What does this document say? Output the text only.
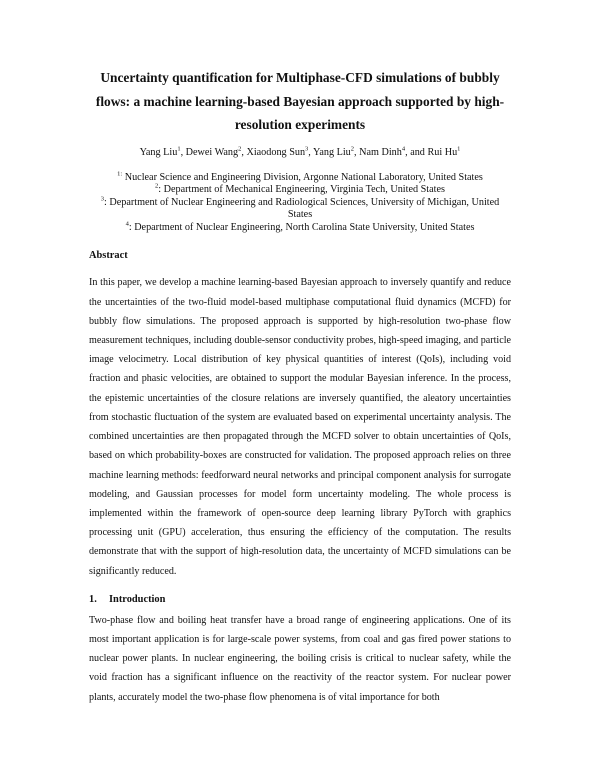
Uncertainty quantification for Multiphase-CFD simulations of bubbly flows: a machine learning-based Bayesian approach supported by high-resolution experiments
Yang Liu$^1$, Dewei Wang$^2$, Xiaodong Sun$^3$, Yang Liu$^2$, Nam Dinh$^4$, and Rui Hu$^1$
$^{1:}$ Nuclear Science and Engineering Division, Argonne National Laboratory, United States
$^2$: Department of Mechanical Engineering, Virginia Tech, United States
$^3$: Department of Nuclear Engineering and Radiological Sciences, University of Michigan, United States
$^4$: Department of Nuclear Engineering, North Carolina State University, United States
Abstract

In this paper, we develop a machine learning-based Bayesian approach to inversely quantify and reduce the uncertainties of the two-fluid model-based multiphase computational fluid dynamics (MCFD) for bubbly flow simulations. The proposed approach is supported by high-resolution two-phase flow measurement techniques, including double-sensor conductivity probes, high-speed imaging, and particle image velocimetry. Local distribution of key physical quantities of interest (QoIs), including void fraction and phasic velocities, are obtained to support the modular Bayesian inference. In the process, the epistemic uncertainties of the closure relations are inversely quantified, the aleatory uncertainties from stochastic fluctuation of the system are evaluated based on experimental uncertainty analysis. The combined uncertainties are then propagated through the MCFD solver to obtain uncertainties of QoIs, based on which probability-boxes are constructed for validation. The proposed approach relies on three machine learning methods: feedforward neural networks and principal component analysis for surrogate modeling, and Gaussian processes for model form uncertainty modeling. The whole process is implemented within the framework of open-source deep learning library PyTorch with graphics processing unit (GPU) acceleration, thus ensuring the efficiency of the computation. The results demonstrate that with the support of high-resolution data, the uncertainty of MCFD simulations can be significantly reduced.

1.	Introduction

Two-phase flow and boiling heat transfer have a broad range of engineering applications. One of its most important application is for large-scale power systems, from coal and gas fired power stations to nuclear power plants. In nuclear engineering, the boiling crisis is critical to nuclear safety, while the void fraction has a significant influence on the reactivity of the reactor system. For nuclear power plants, accurately model the two-phase flow phenomena is of vital importance for both
